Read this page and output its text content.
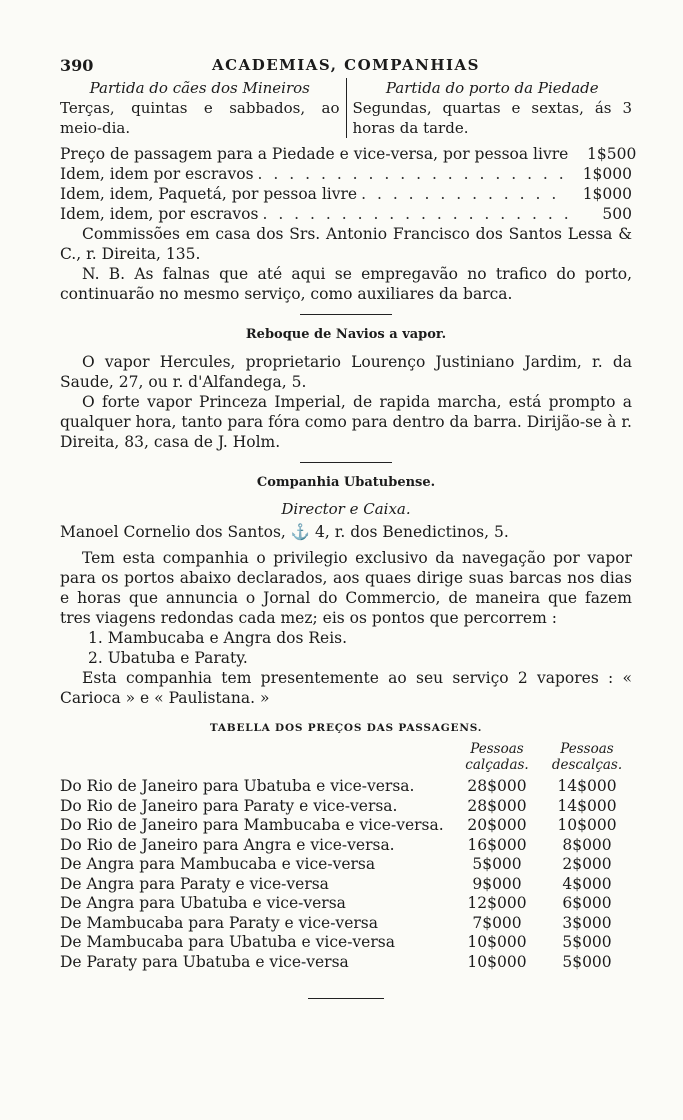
390	ACADEMIAS, COMPANHIAS
Partida do cães dos Mineiros
Terças, quintas e sabbados, ao meio-dia.
Partida do porto da Piedade
Segundas, quartas e sextas, ás 3 horas da tarde.
Preço de passagem para a Piedade e vice-versa, por pessoa livre	1$500
Idem, idem por escravos . . .	1$000
Idem, idem, Paquetá, por pessoa livre . . .	1$000
Idem, idem, por escravos . . .	500
Commissões em casa dos Srs. Antonio Francisco dos Santos Lessa & C., r. Direita, 135.
N. B. As falnas que até aqui se empregavão no trafico do porto, continuarão no mesmo serviço, como auxiliares da barca.
Reboque de Navios a vapor.
O vapor Hercules, proprietario Lourenço Justiniano Jardim, r. da Saude, 27, ou r. d'Alfandega, 5.
O forte vapor Princeza Imperial, de rapida marcha, está prompto a qualquer hora, tanto para fóra como para dentro da barra. Dirijão-se à r. Direita, 83, casa de J. Holm.
Companhia Ubatubense.
Director e Caixa.
Manoel Cornelio dos Santos, ⚓ 4, r. dos Benedictinos, 5.
Tem esta companhia o privilegio exclusivo da navegação por vapor para os portos abaixo declarados, aos quaes dirige suas barcas nos dias e horas que annuncia o Jornal do Commercio, de maneira que fazem tres viagens redondas cada mez; eis os pontos que percorrem :
1. Mambucaba e Angra dos Reis.
2. Ubatuba e Paraty.
Esta companhia tem presentemente ao seu serviço 2 vapores : « Carioca » e « Paulistana. »
TABELLA DOS PREÇOS DAS PASSAGENS.
	Pessoas calçadas.	Pessoas descalças.
Do Rio de Janeiro para Ubatuba e vice-versa.	28$000	14$000
Do Rio de Janeiro para Paraty e vice-versa.	28$000	14$000
Do Rio de Janeiro para Mambucaba e vice-versa.	20$000	10$000
Do Rio de Janeiro para Angra e vice-versa.	16$000	8$000
De Angra para Mambucaba e vice-versa	5$000	2$000
De Angra para Paraty e vice-versa	9$000	4$000
De Angra para Ubatuba e vice-versa	12$000	6$000
De Mambucaba para Paraty e vice-versa	7$000	3$000
De Mambucaba para Ubatuba e vice-versa	10$000	5$000
De Paraty para Ubatuba e vice-versa	10$000	5$000
